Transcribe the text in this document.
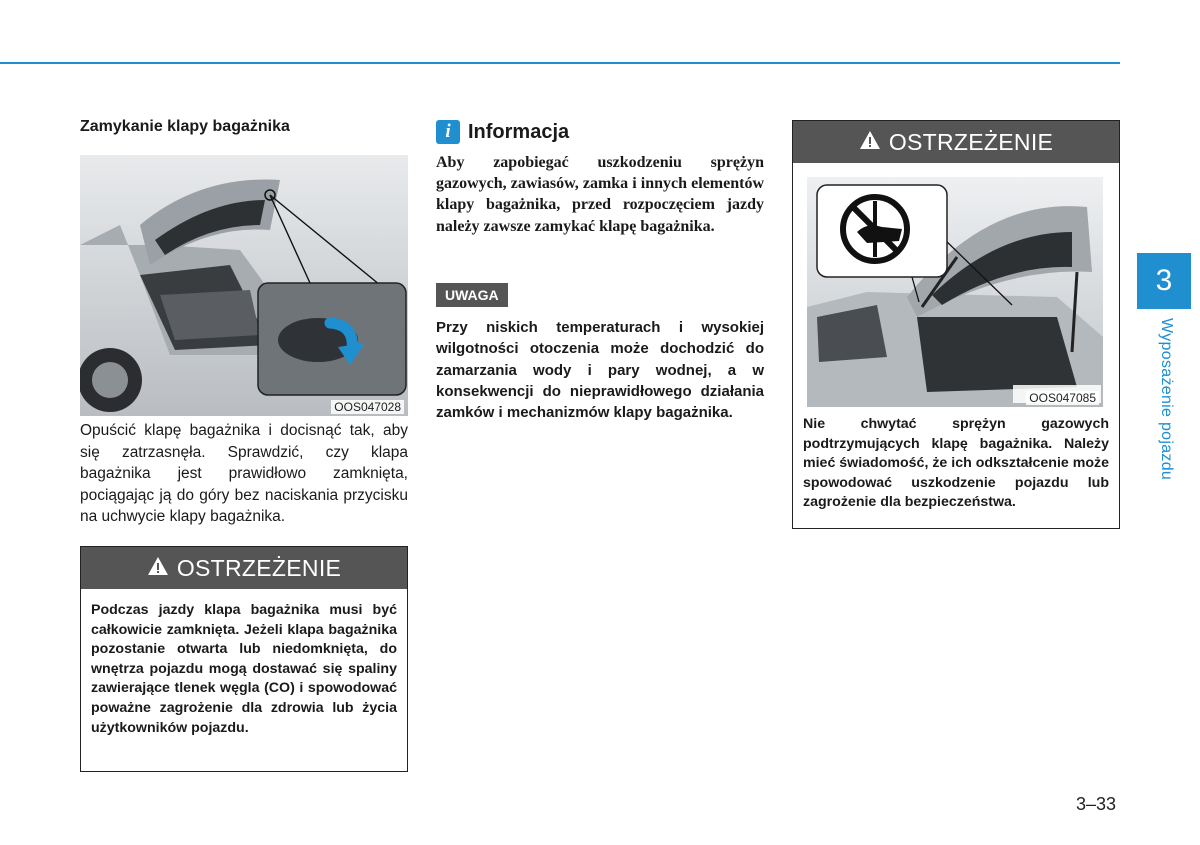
Zamykanie klapy bagażnika
OOS047028
Opuścić klapę bagażnika i docisnąć tak, aby się zatrzasnęła. Sprawdzić, czy klapa bagażnika jest prawidłowo zamknięta, pociągając ją do góry bez naciskania przycisku na uchwycie klapy bagażnika.
OSTRZEŻENIE
Podczas jazdy klapa bagażnika musi być całkowicie zamknięta. Jeżeli klapa bagażnika pozostanie otwarta lub niedomknięta, do wnętrza pojazdu mogą dostawać się spaliny zawierające tlenek węgla (CO) i spowodować poważne zagrożenie dla zdrowia lub życia użytkowników pojazdu.
i Informacja
Aby zapobiegać uszkodzeniu sprężyn gazowych, zawiasów, zamka i innych elementów klapy bagażnika, przed rozpoczęciem jazdy należy zawsze zamykać klapę bagażnika.
UWAGA
Przy niskich temperaturach i wysokiej wilgotności otoczenia może dochodzić do zamarzania wody i pary wodnej, a w konsekwencji do nieprawidłowego działania zamków i mechanizmów klapy bagażnika.
OSTRZEŻENIE
OOS047085
Nie chwytać sprężyn gazowych podtrzymujących klapę bagażnika. Należy mieć świadomość, że ich odkształcenie może spowodować uszkodzenie pojazdu lub zagrożenie dla bezpieczeństwa.
3
Wyposażenie pojazdu
3–33
